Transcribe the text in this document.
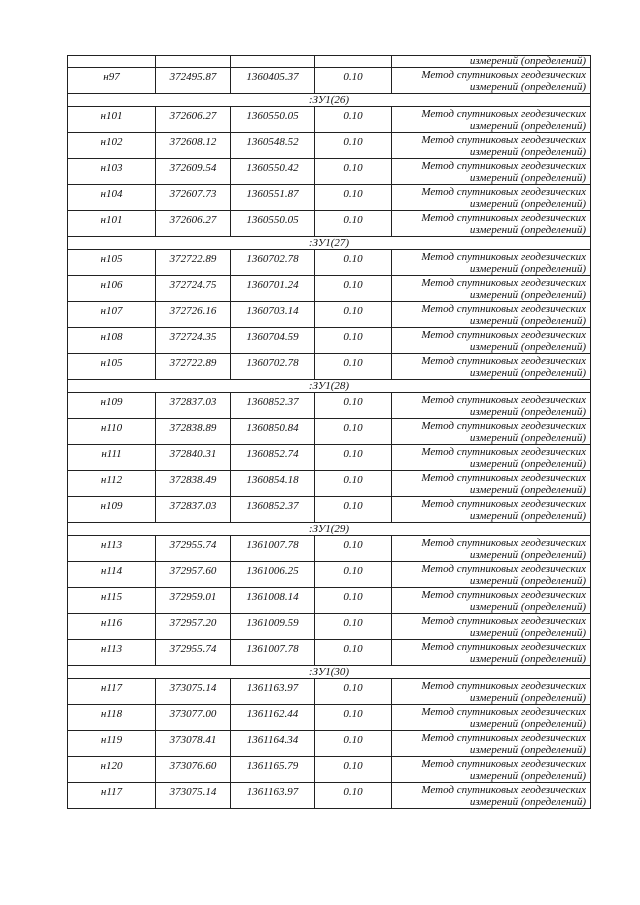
				измерений (определений)
н97	372495.87	1360405.37	0.10	Метод спутниковых геодезических
измерений (определений)
:ЗУ1(26)				
н101	372606.27	1360550.05	0.10	Метод спутниковых геодезических
измерений (определений)
н102	372608.12	1360548.52	0.10	Метод спутниковых геодезических
измерений (определений)
н103	372609.54	1360550.42	0.10	Метод спутниковых геодезических
измерений (определений)
н104	372607.73	1360551.87	0.10	Метод спутниковых геодезических
измерений (определений)
н101	372606.27	1360550.05	0.10	Метод спутниковых геодезических
измерений (определений)
:ЗУ1(27)				
н105	372722.89	1360702.78	0.10	Метод спутниковых геодезических
измерений (определений)
н106	372724.75	1360701.24	0.10	Метод спутниковых геодезических
измерений (определений)
н107	372726.16	1360703.14	0.10	Метод спутниковых геодезических
измерений (определений)
н108	372724.35	1360704.59	0.10	Метод спутниковых геодезических
измерений (определений)
н105	372722.89	1360702.78	0.10	Метод спутниковых геодезических
измерений (определений)
:ЗУ1(28)				
н109	372837.03	1360852.37	0.10	Метод спутниковых геодезических
измерений (определений)
н110	372838.89	1360850.84	0.10	Метод спутниковых геодезических
измерений (определений)
н111	372840.31	1360852.74	0.10	Метод спутниковых геодезических
измерений (определений)
н112	372838.49	1360854.18	0.10	Метод спутниковых геодезических
измерений (определений)
н109	372837.03	1360852.37	0.10	Метод спутниковых геодезических
измерений (определений)
:ЗУ1(29)				
н113	372955.74	1361007.78	0.10	Метод спутниковых геодезических
измерений (определений)
н114	372957.60	1361006.25	0.10	Метод спутниковых геодезических
измерений (определений)
н115	372959.01	1361008.14	0.10	Метод спутниковых геодезических
измерений (определений)
н116	372957.20	1361009.59	0.10	Метод спутниковых геодезических
измерений (определений)
н113	372955.74	1361007.78	0.10	Метод спутниковых геодезических
измерений (определений)
:ЗУ1(30)				
н117	373075.14	1361163.97	0.10	Метод спутниковых геодезических
измерений (определений)
н118	373077.00	1361162.44	0.10	Метод спутниковых геодезических
измерений (определений)
н119	373078.41	1361164.34	0.10	Метод спутниковых геодезических
измерений (определений)
н120	373076.60	1361165.79	0.10	Метод спутниковых геодезических
измерений (определений)
н117	373075.14	1361163.97	0.10	Метод спутниковых геодезических
измерений (определений)
